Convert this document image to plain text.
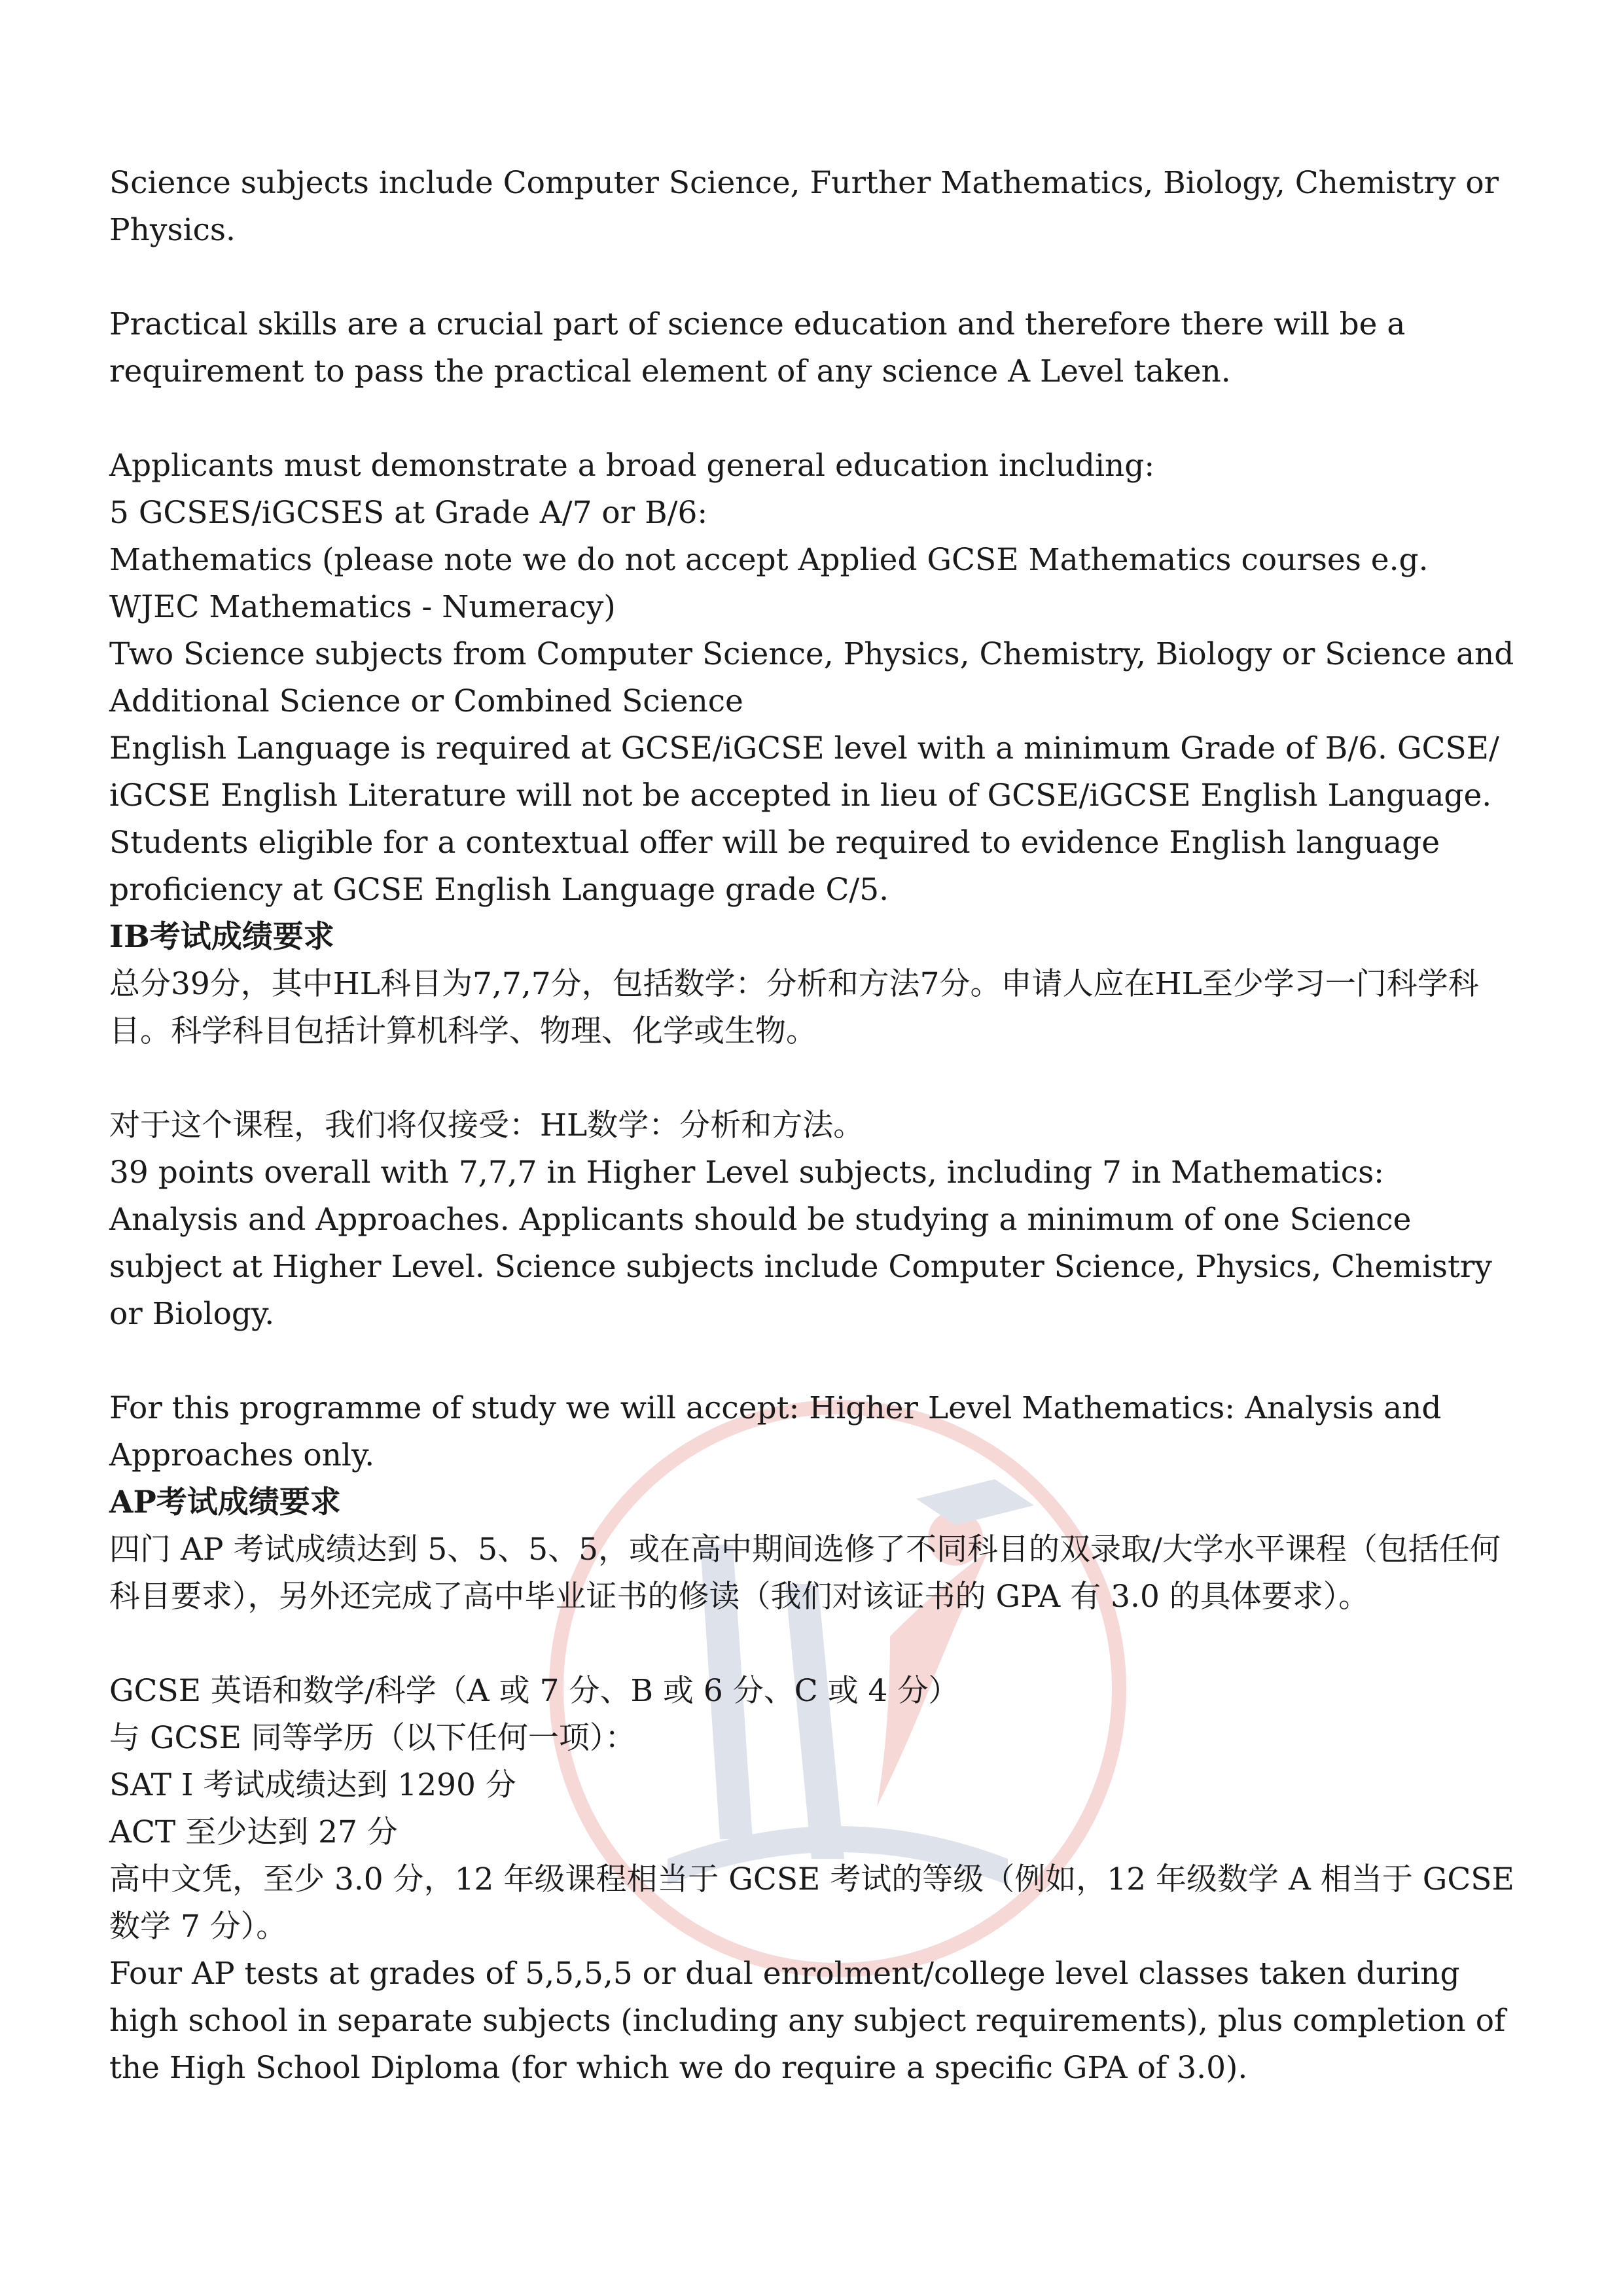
Science subjects include Computer Science, Further Mathematics, Biology, Chemistry or Physics.

Practical skills are a crucial part of science education and therefore there will be a requirement to pass the practical element of any science A Level taken.

Applicants must demonstrate a broad general education including:

5 GCSES/iGCSES at Grade A/7 or B/6:

Mathematics (please note we do not accept Applied GCSE Mathematics courses e.g. WJEC Mathematics - Numeracy)

Two Science subjects from Computer Science, Physics, Chemistry, Biology or Science and Additional Science or Combined Science

English Language is required at GCSE/iGCSE level with a minimum Grade of B/6. GCSE/ iGCSE English Literature will not be accepted in lieu of GCSE/iGCSE English Language. Students eligible for a contextual offer will be required to evidence English language proficiency at GCSE English Language grade C/5.

IB考试成绩要求

总分39分，其中HL科目为7,7,7分，包括数学：分析和方法7分。申请人应在HL至少学习一门科学科目。科学科目包括计算机科学、物理、化学或生物。

对于这个课程，我们将仅接受：HL数学：分析和方法。

39 points overall with 7,7,7 in Higher Level subjects, including 7 in Mathematics: Analysis and Approaches. Applicants should be studying a minimum of one Science subject at Higher Level. Science subjects include Computer Science, Physics, Chemistry or Biology.

For this programme of study we will accept: Higher Level Mathematics: Analysis and Approaches only.

AP考试成绩要求

四门 AP 考试成绩达到 5、5、5、5，或在高中期间选修了不同科目的双录取/大学水平课程（包括任何科目要求），另外还完成了高中毕业证书的修读（我们对该证书的 GPA 有 3.0 的具体要求）。

GCSE 英语和数学/科学（A 或 7 分、B 或 6 分、C 或 4 分）

与 GCSE 同等学历（以下任何一项）：

SAT I 考试成绩达到 1290 分

ACT 至少达到 27 分

高中文凭，至少 3.0 分，12 年级课程相当于 GCSE 考试的等级（例如，12 年级数学 A 相当于 GCSE 数学 7 分）。

Four AP tests at grades of 5,5,5,5 or dual enrolment/college level classes taken during high school in separate subjects (including any subject requirements), plus completion of the High School Diploma (for which we do require a specific GPA of 3.0).
